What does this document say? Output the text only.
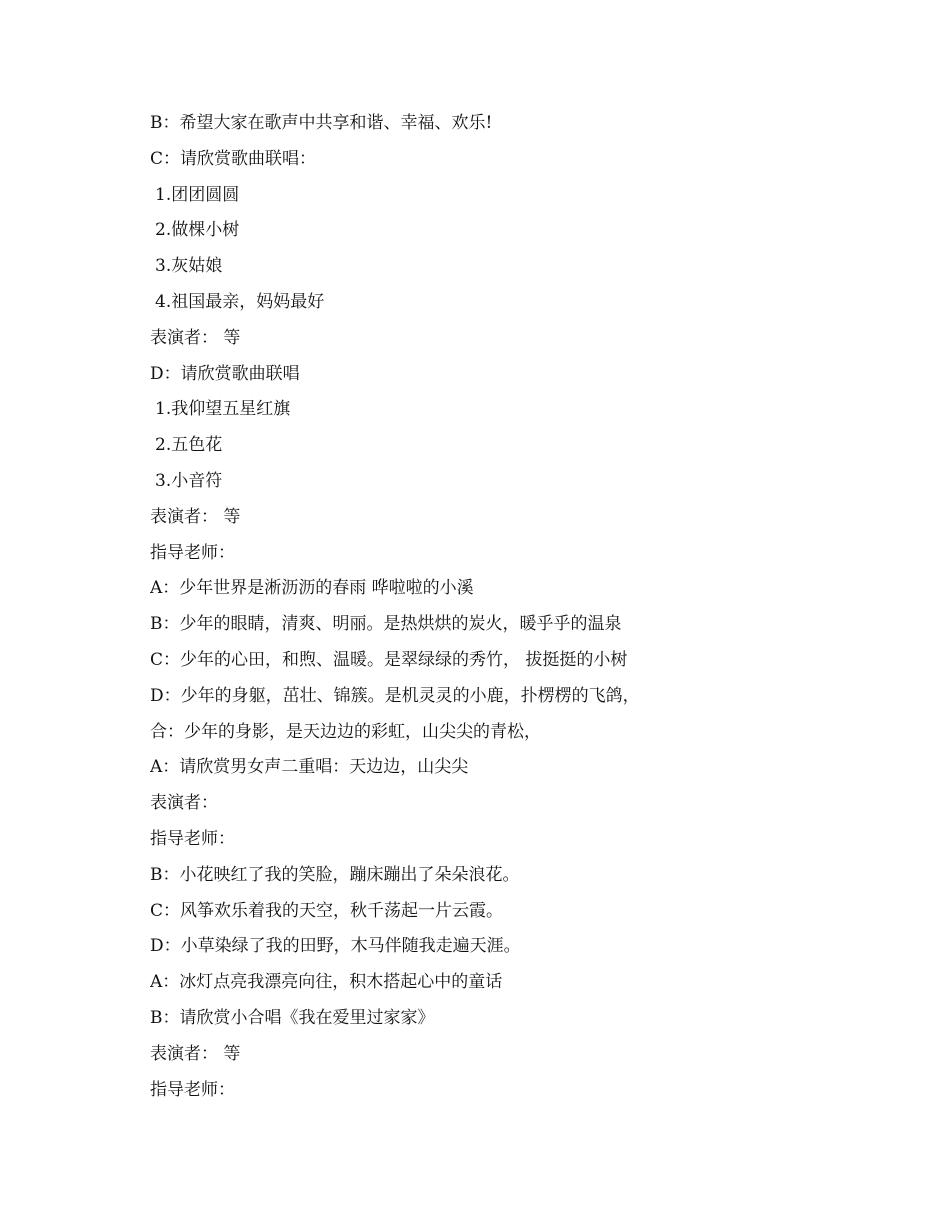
B：希望大家在歌声中共享和谐、幸福、欢乐!
C：请欣赏歌曲联唱：
1.团团圆圆
2.做棵小树
3.灰姑娘
4.祖国最亲，妈妈最好
表演者： 等
D：请欣赏歌曲联唱
1.我仰望五星红旗
2.五色花
3.小音符
表演者： 等
指导老师：
A：少年世界是淅沥沥的春雨 哗啦啦的小溪
B：少年的眼睛，清爽、明丽。是热烘烘的炭火，暖乎乎的温泉
C：少年的心田，和煦、温暖。是翠绿绿的秀竹， 拔挺挺的小树
D：少年的身躯，茁壮、锦簇。是机灵灵的小鹿，扑楞楞的飞鸽，
合：少年的身影，是天边边的彩虹，山尖尖的青松，
A：请欣赏男女声二重唱：天边边，山尖尖
表演者：
指导老师：
B：小花映红了我的笑脸，蹦床蹦出了朵朵浪花。
C：风筝欢乐着我的天空，秋千荡起一片云霞。
D：小草染绿了我的田野，木马伴随我走遍天涯。
A：冰灯点亮我漂亮向往，积木搭起心中的童话
B：请欣赏小合唱《我在爱里过家家》
表演者： 等
指导老师：
